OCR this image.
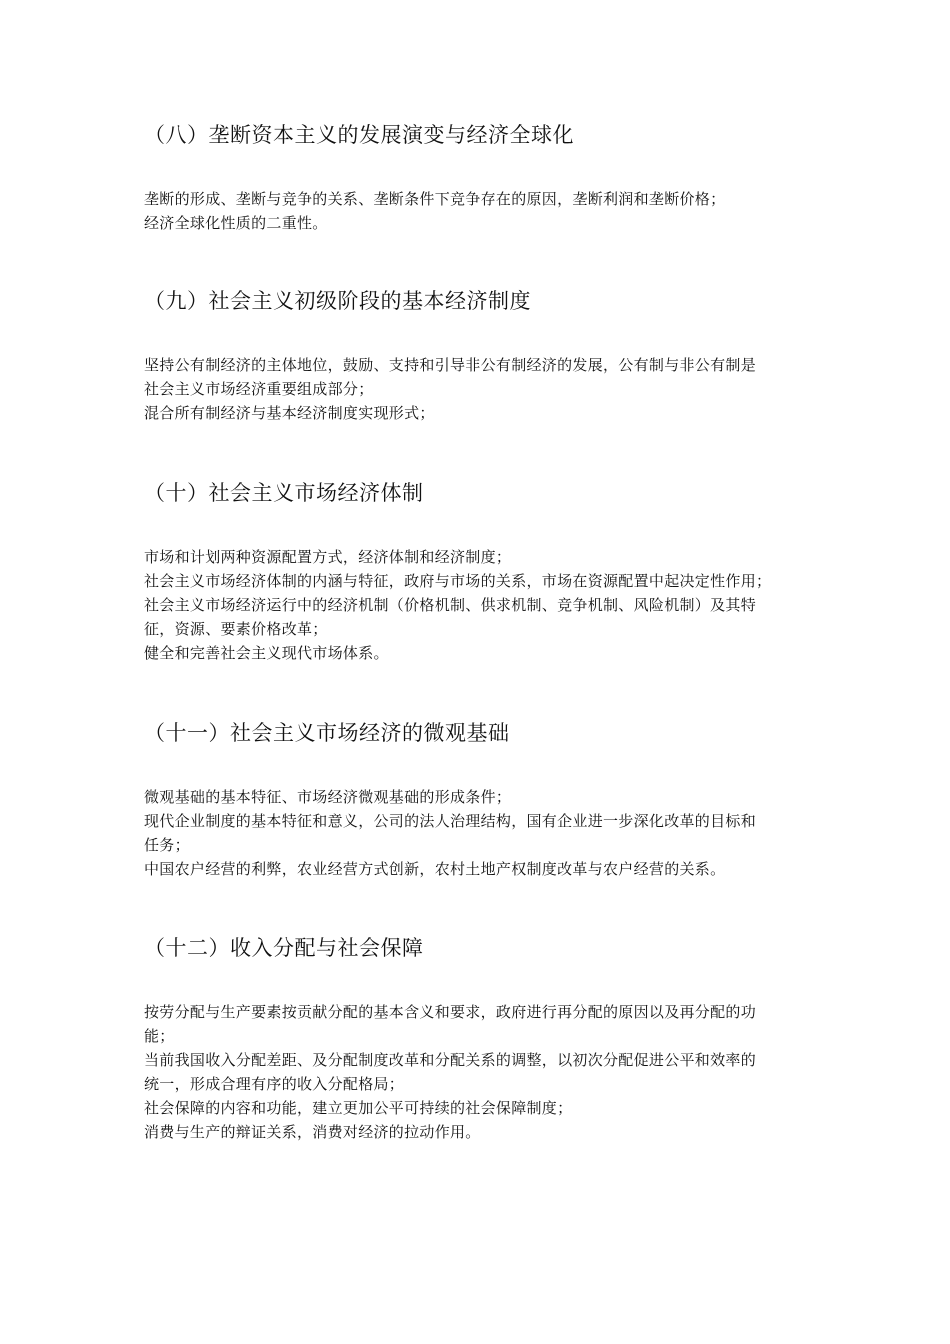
（八）垄断资本主义的发展演变与经济全球化
垄断的形成、垄断与竞争的关系、垄断条件下竞争存在的原因，垄断利润和垄断价格；
经济全球化性质的二重性。
（九）社会主义初级阶段的基本经济制度
坚持公有制经济的主体地位，鼓励、支持和引导非公有制经济的发展，公有制与非公有制是
社会主义市场经济重要组成部分；
混合所有制经济与基本经济制度实现形式；
（十）社会主义市场经济体制
市场和计划两种资源配置方式，经济体制和经济制度；
社会主义市场经济体制的内涵与特征，政府与市场的关系，市场在资源配置中起决定性作用；
社会主义市场经济运行中的经济机制（价格机制、供求机制、竞争机制、风险机制）及其特
征，资源、要素价格改革；
健全和完善社会主义现代市场体系。
（十一）社会主义市场经济的微观基础
微观基础的基本特征、市场经济微观基础的形成条件；
现代企业制度的基本特征和意义，公司的法人治理结构，国有企业进一步深化改革的目标和
任务；
中国农户经营的利弊，农业经营方式创新，农村土地产权制度改革与农户经营的关系。
（十二）收入分配与社会保障
按劳分配与生产要素按贡献分配的基本含义和要求，政府进行再分配的原因以及再分配的功
能；
当前我国收入分配差距、及分配制度改革和分配关系的调整，以初次分配促进公平和效率的
统一，形成合理有序的收入分配格局；
社会保障的内容和功能，建立更加公平可持续的社会保障制度；
消费与生产的辩证关系，消费对经济的拉动作用。
